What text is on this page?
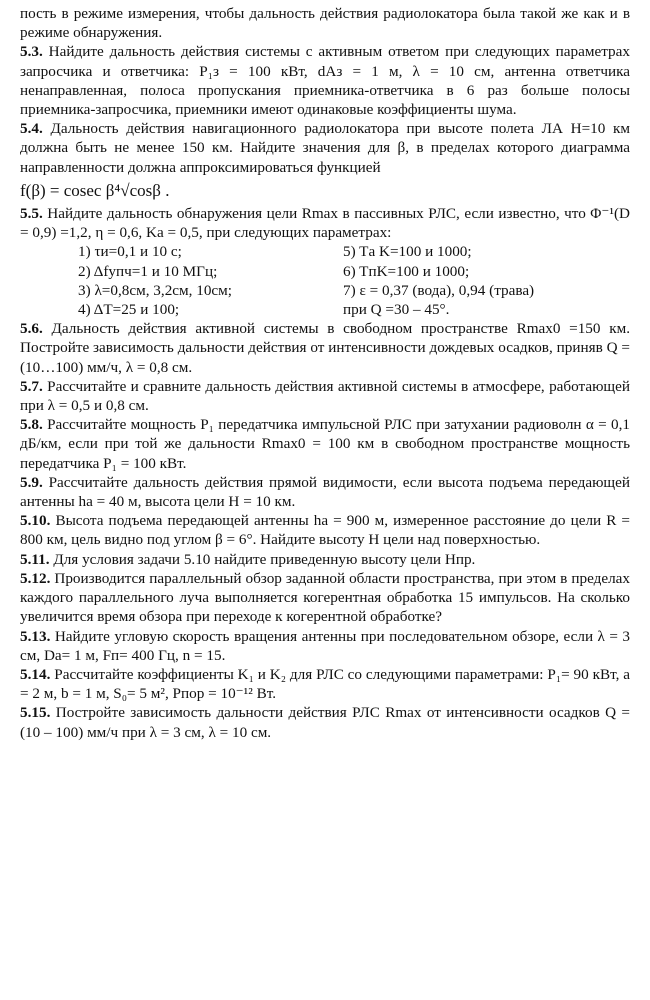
пость в режиме измерения, чтобы дальность действия радиолокатора была такой же как и в режиме обнаружения.

5.3. Найдите дальность действия системы с активным ответом при следующих параметрах запросчика и ответчика: P₁з = 100 кВт, dАз = 1 м, λ = 10 см, антенна ответчика ненаправленная, полоса пропускания приемника-ответчика в 6 раз больше полосы приемника-запросчика, приемники имеют одинаковые коэффициенты шума.

5.4. Дальность действия навигационного радиолокатора при высоте полета ЛА H=10 км должна быть не менее 150 км. Найдите значения для β, в пределах которого диаграмма направленности должна аппроксимироваться функцией

f(β) = cosec β⁴√cosβ .

5.5. Найдите дальность обнаружения цели Rmax в пассивных РЛС, если известно, что Φ⁻¹(D = 0,9) =1,2, η = 0,6, Kа = 0,5, при следующих параметрах:

1) τи=0,1 и 10 с;	5) Tа K=100 и 1000;
2) Δfупч=1 и 10 МГц;	6) TпK=100 и 1000;
3) λ=0,8см, 3,2см, 10см;	7) ε = 0,37 (вода), 0,94 (трава)
4) ΔT=25 и 100;	при Q =30 – 45°.

5.6. Дальность действия активной системы в свободном пространстве Rmax0 =150 км. Постройте зависимость дальности действия от интенсивности дождевых осадков, приняв Q = (10…100) мм/ч, λ = 0,8 см.

5.7. Рассчитайте и сравните дальность действия активной системы в атмосфере, работающей при λ = 0,5 и 0,8 см.

5.8. Рассчитайте мощность P₁ передатчика импульсной РЛС при затухании радиоволн α = 0,1 дБ/км, если при той же дальности Rmax0 = 100 км в свободном пространстве мощность передатчика P₁ = 100 кВт.

5.9. Рассчитайте дальность действия прямой видимости, если высота подъема передающей антенны hа = 40 м, высота цели H = 10 км.

5.10. Высота подъема передающей антенны hа = 900 м, измеренное расстояние до цели R = 800 км, цель видно под углом β = 6°. Найдите высоту H цели над поверхностью.

5.11. Для условия задачи 5.10 найдите приведенную высоту цели Hпр.

5.12. Производится параллельный обзор заданной области пространства, при этом в пределах каждого параллельного луча выполняется когерентная обработка 15 импульсов. На сколько увеличится время обзора при переходе к когерентной обработке?

5.13. Найдите угловую скорость вращения антенны при последовательном обзоре, если λ = 3 см, Dа= 1 м, Fп= 400 Гц, n = 15.

5.14. Рассчитайте коэффициенты K₁ и K₂ для РЛС со следующими параметрами: P₁= 90 кВт, a = 2 м, b = 1 м, S₀= 5 м², Pпор = 10⁻¹² Вт.

5.15. Постройте зависимость дальности действия РЛС Rmax от интенсивности осадков Q = (10 – 100) мм/ч при λ = 3 см, λ = 10 см.
